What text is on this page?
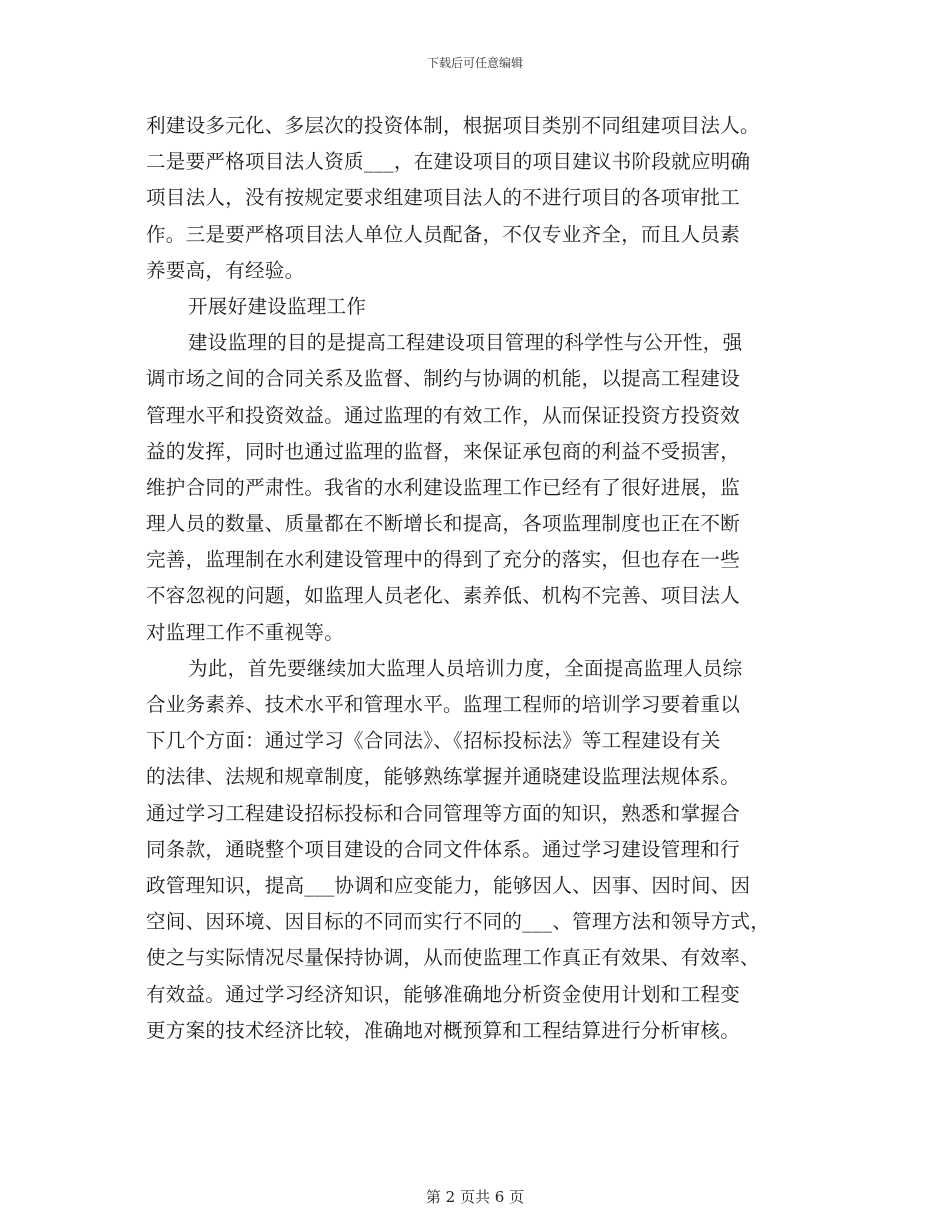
下载后可任意编辑
利建设多元化、多层次的投资体制，根据项目类别不同组建项目法人。
二是要严格项目法人资质___，在建设项目的项目建议书阶段就应明确
项目法人，没有按规定要求组建项目法人的不进行项目的各项审批工
作。三是要严格项目法人单位人员配备，不仅专业齐全，而且人员素
养要高，有经验。
开展好建设监理工作
建设监理的目的是提高工程建设项目管理的科学性与公开性，强
调市场之间的合同关系及监督、制约与协调的机能，以提高工程建设
管理水平和投资效益。通过监理的有效工作，从而保证投资方投资效
益的发挥，同时也通过监理的监督，来保证承包商的利益不受损害，
维护合同的严肃性。我省的水利建设监理工作已经有了很好进展，监
理人员的数量、质量都在不断增长和提高，各项监理制度也正在不断
完善，监理制在水利建设管理中的得到了充分的落实，但也存在一些
不容忽视的问题，如监理人员老化、素养低、机构不完善、项目法人
对监理工作不重视等。
为此，首先要继续加大监理人员培训力度，全面提高监理人员综
合业务素养、技术水平和管理水平。监理工程师的培训学习要着重以
下几个方面：通过学习《合同法》、《招标投标法》等工程建设有关
的法律、法规和规章制度，能够熟练掌握并通晓建设监理法规体系。
通过学习工程建设招标投标和合同管理等方面的知识，熟悉和掌握合
同条款，通晓整个项目建设的合同文件体系。通过学习建设管理和行
政管理知识，提高___协调和应变能力，能够因人、因事、因时间、因
空间、因环境、因目标的不同而实行不同的___、管理方法和领导方式，
使之与实际情况尽量保持协调，从而使监理工作真正有效果、有效率、
有效益。通过学习经济知识，能够准确地分析资金使用计划和工程变
更方案的技术经济比较，准确地对概预算和工程结算进行分析审核。
第 2 页共 6 页
